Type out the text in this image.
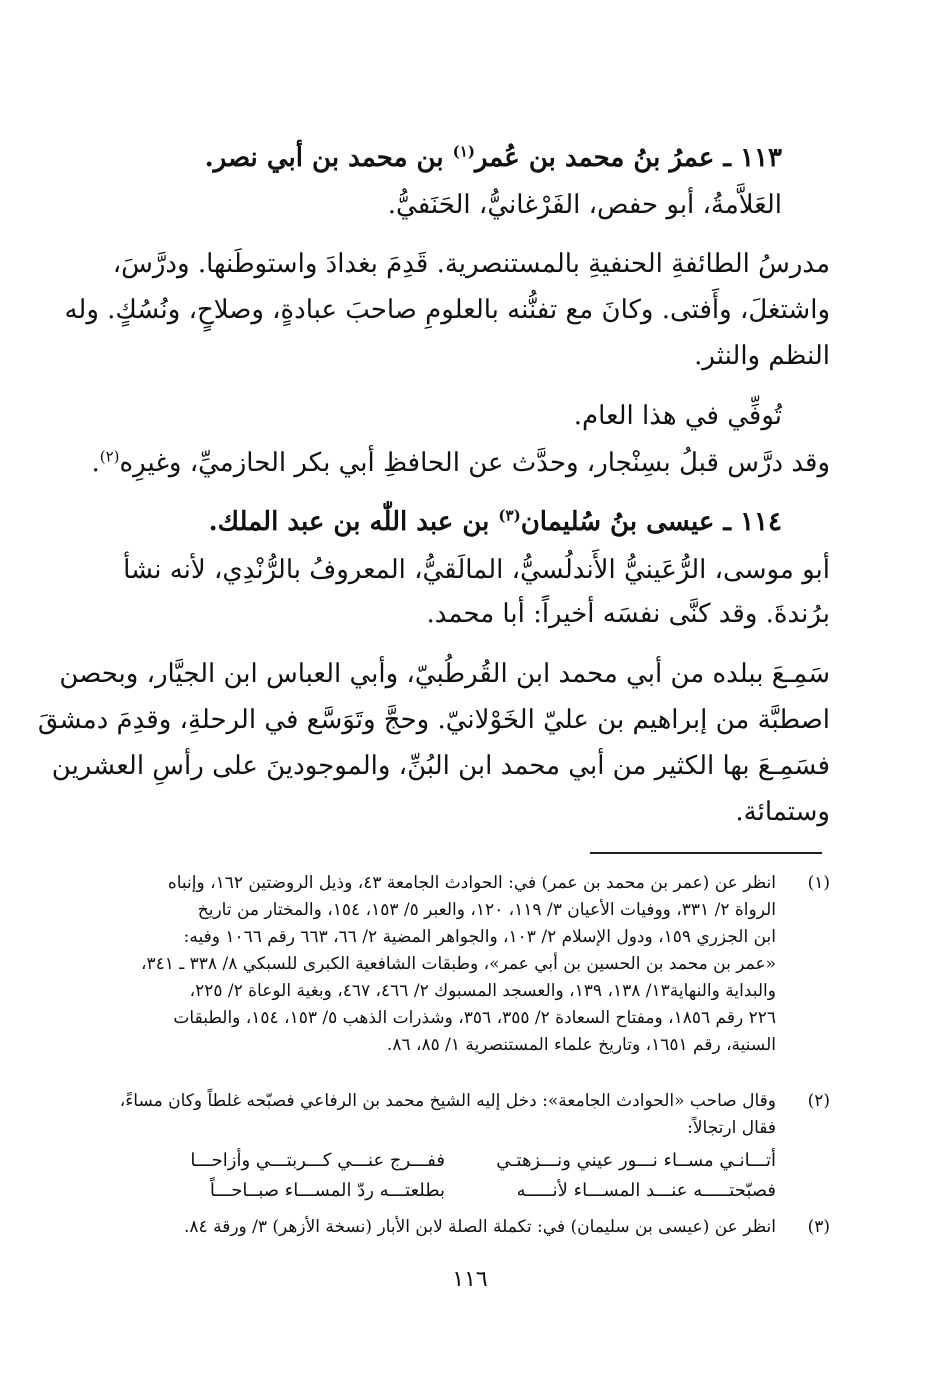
١١٣ ـ عمرُ بنُ محمد بن عُمر$^{(١)}$ بن محمد بن أبي نصر.
العَلاَّمةُ، أبو حفص، الفَرْغانيُّ، الحَنَفيُّ.
مدرسُ الطائفةِ الحنفيةِ بالمستنصرية. قَدِمَ بغدادَ واستوطَنها. ودرَّسَ،
واشتغلَ، وأَفتى. وكانَ مع تفنُّنه بالعلومِ صاحبَ عبادةٍ، وصلاحٍ، ونُسُكٍ. وله
النظم والنثر.
تُوفِّي في هذا العام.
وقد درَّس قبلُ بسِنْجار، وحدَّث عن الحافظِ أبي بكر الحازميِّ، وغيرِه$^{(٢)}$.
١١٤ ـ عيسى بنُ سُليمان$^{(٣)}$ بن عبد اللّٰه بن عبد الملك.
أبو موسى، الرُّعَينيُّ الأَندلُسيُّ، المالَقيُّ، المعروفُ بالرُّنْدِي، لأنه نشأ
برُندةَ. وقد كنَّى نفسَه أخيراً: أبا محمد.
سَمِـعَ ببلده من أبي محمد ابن القُرطُبيّ، وأبي العباس ابن الجيَّار، وبحصن
اصطبَّة من إبراهيم بن عليّ الخَوْلانيّ. وحجَّ وتَوَسَّع في الرحلةِ، وقدِمَ دمشقَ
فسَمِـعَ بها الكثير من أبي محمد ابن البُنِّ، والموجودينَ على رأسِ العشرين
وستمائة.
(١)
انظر عن (عمر بن محمد بن عمر) في: الحوادث الجامعة ٤٣، وذيل الروضتين ١٦٢، وإنباه
الرواة ٢/ ٣٣١، ووفيات الأعيان ٣/ ١١٩، ١٢٠، والعبر ٥/ ١٥٣، ١٥٤، والمختار من تاريخ
ابن الجزري ١٥٩، ودول الإسلام ٢/ ١٠٣، والجواهر المضية ٢/ ٦٦، ٦٦٣ رقم ١٠٦٦ وفيه:
«عمر بن محمد بن الحسين بن أبي عمر»، وطبقات الشافعية الكبرى للسبكي ٨/ ٣٣٨ ـ ٣٤١،
والبداية والنهاية١٣/ ١٣٨، ١٣٩، والعسجد المسبوك ٢/ ٤٦٦، ٤٦٧، وبغية الوعاة ٢/ ٢٢٥،
٢٢٦ رقم ١٨٥٦، ومفتاح السعادة ٢/ ٣٥٥، ٣٥٦، وشذرات الذهب ٥/ ١٥٣، ١٥٤، والطبقات
السنية، رقم ١٦٥١، وتاريخ علماء المستنصرية ١/ ٨٥، ٨٦.
(٢)
وقال صاحب «الحوادث الجامعة»: دخل إليه الشيخ محمد بن الرفاعي فصبّحه غلطاً وكان مساءً،
فقال ارتجالاً:
أتـــانـي مســاء نـــور عيني ونـــزهتـي
ففـــرج عنـــي كـــربتـــي وأزاحـــا
فصبّحتـــــه عنـــد المســـاء لأنـــــه
بطلعتـــه ردّ المســـاء صبــاحـــاً
(٣)
انظر عن (عيسى بن سليمان) في: تكملة الصلة لابن الأبار (نسخة الأزهر) ٣/ ورقة ٨٤.
١١٦
